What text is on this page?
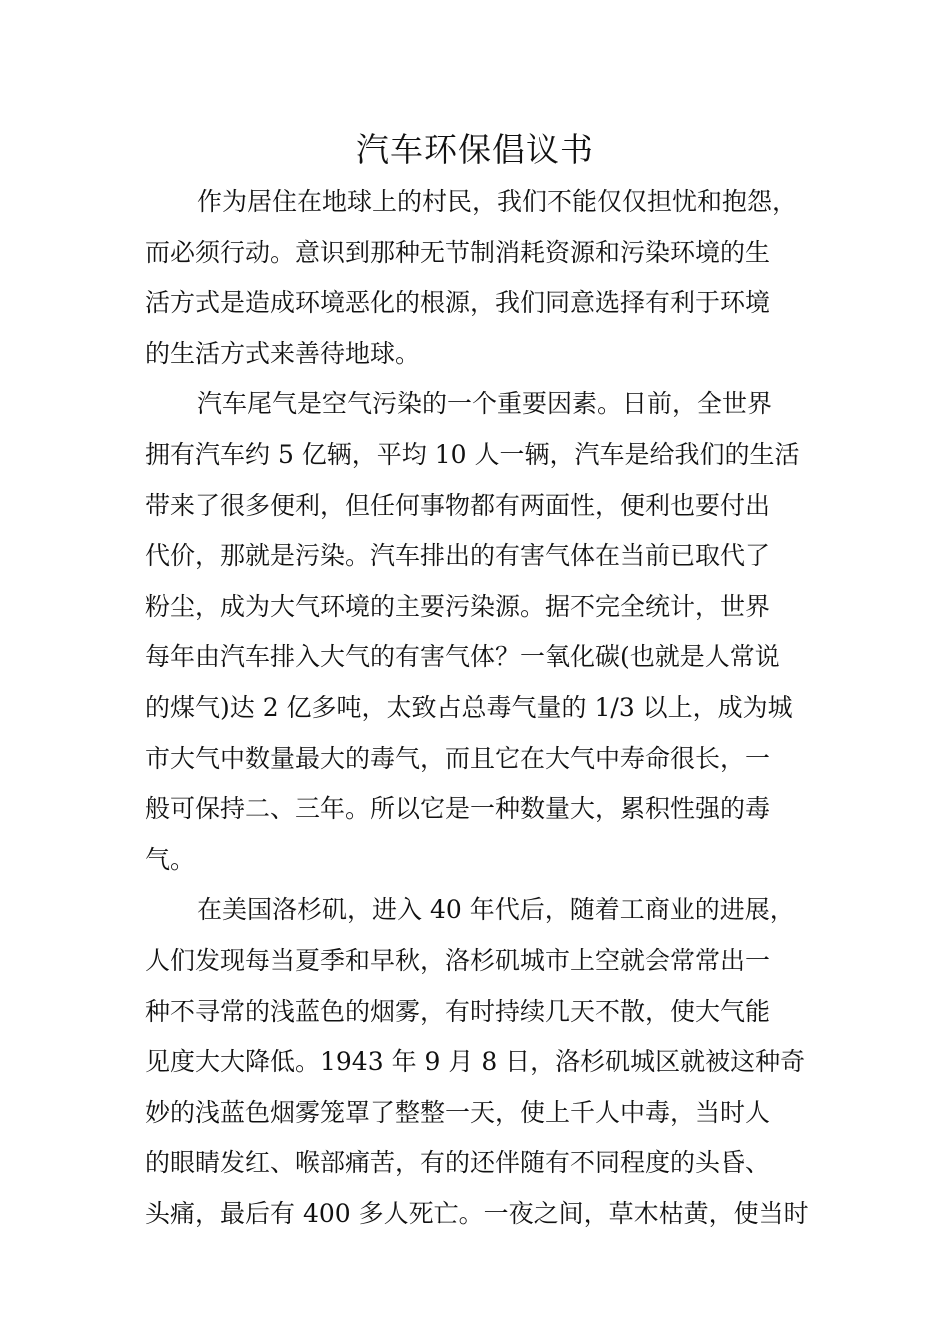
汽车环保倡议书

作为居住在地球上的村民，我们不能仅仅担忧和抱怨，
而必须行动。意识到那种无节制消耗资源和污染环境的生
活方式是造成环境恶化的根源，我们同意选择有利于环境
的生活方式来善待地球。

汽车尾气是空气污染的一个重要因素。日前，全世界
拥有汽车约 5 亿辆，平均 10 人一辆，汽车是给我们的生活
带来了很多便利，但任何事物都有两面性，便利也要付出
代价，那就是污染。汽车排出的有害气体在当前已取代了
粉尘，成为大气环境的主要污染源。据不完全统计，世界
每年由汽车排入大气的有害气体？一氧化碳(也就是人常说
的煤气)达 2 亿多吨，太致占总毒气量的 1/3 以上，成为城
市大气中数量最大的毒气，而且它在大气中寿命很长，一
般可保持二、三年。所以它是一种数量大，累积性强的毒
气。

在美国洛杉矶，进入 40 年代后，随着工商业的进展，
人们发现每当夏季和早秋，洛杉矶城市上空就会常常出一
种不寻常的浅蓝色的烟雾，有时持续几天不散，使大气能
见度大大降低。1943 年 9 月 8 日，洛杉矶城区就被这种奇
妙的浅蓝色烟雾笼罩了整整一天，使上千人中毒，当时人
的眼睛发红、喉部痛苦，有的还伴随有不同程度的头昏、
头痛，最后有 400 多人死亡。一夜之间，草木枯黄，使当时
